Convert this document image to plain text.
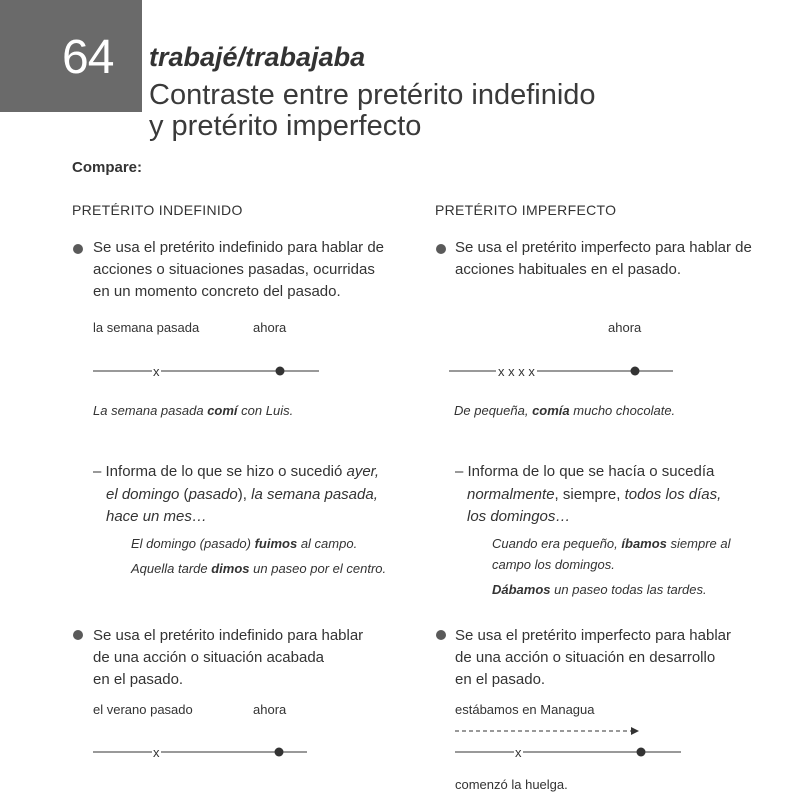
64 trabajé/trabajaba
Contraste entre pretérito indefinido
y pretérito imperfecto
Compare:
PRETÉRITO INDEFINIDO	PRETÉRITO IMPERFECTO
Se usa el pretérito indefinido para hablar de
acciones o situaciones pasadas, ocurridas
en un momento concreto del pasado.
la semana pasada	ahora
x
La semana pasada comí con Luis.
– Informa de lo que se hizo o sucedió ayer,
el domingo (pasado), la semana pasada,
hace un mes…
El domingo (pasado) fuimos al campo.
Aquella tarde dimos un paseo por el centro.
Se usa el pretérito indefinido para hablar
de una acción o situación acabada
en el pasado.
el verano pasado	ahora
x
Se usa el pretérito imperfecto para hablar de
acciones habituales en el pasado.
ahora
x x x x
De pequeña, comía mucho chocolate.
– Informa de lo que se hacía o sucedía
normalmente, siempre, todos los días,
los domingos…
Cuando era pequeño, íbamos siempre al
campo los domingos.
Dábamos un paseo todas las tardes.
Se usa el pretérito imperfecto para hablar
de una acción o situación en desarrollo
en el pasado.
estábamos en Managua
x
comenzó la huelga.
